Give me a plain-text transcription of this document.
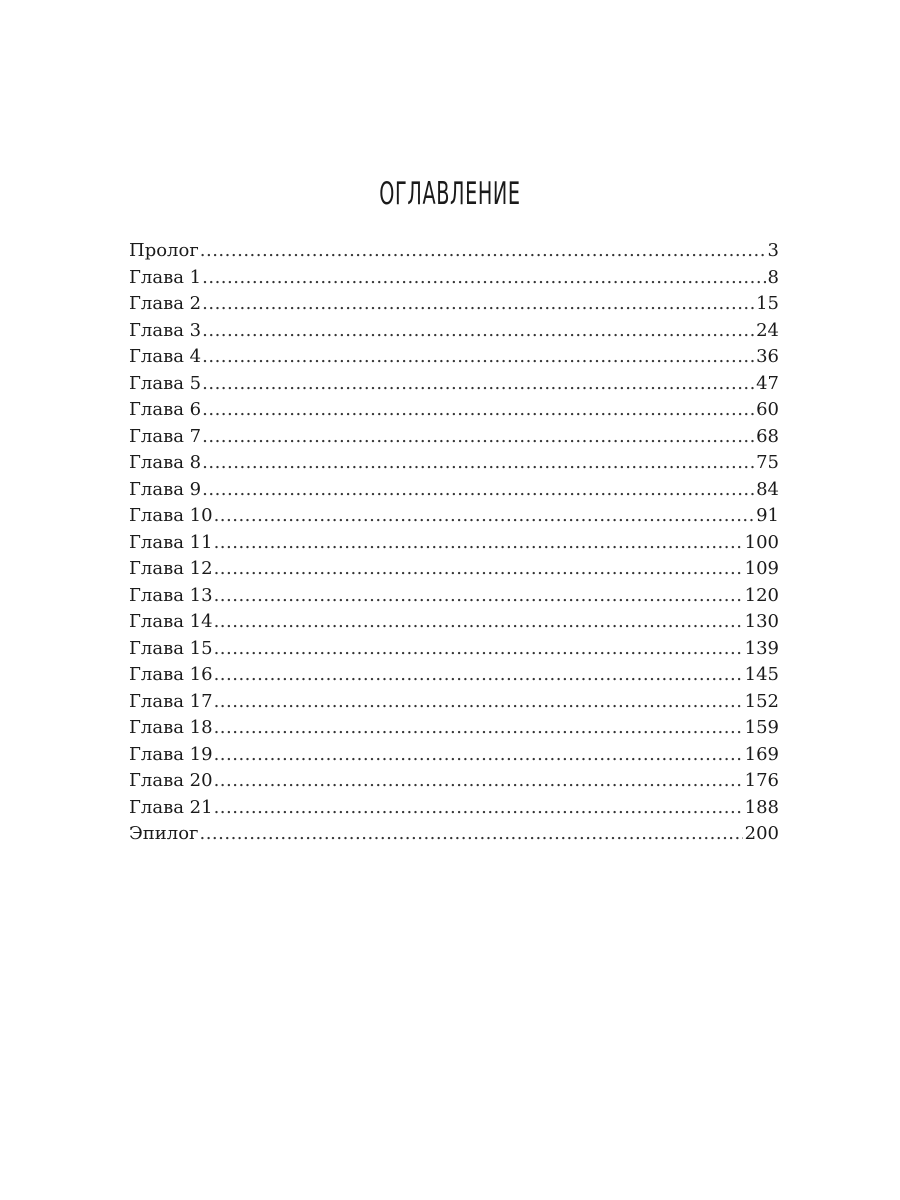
ОГЛАВЛЕНИЕ
Пролог .....	3
Глава 1 .....	8
Глава 2 .....	15
Глава 3 .....	24
Глава 4 .....	36
Глава 5 .....	47
Глава 6 .....	60
Глава 7 .....	68
Глава 8 .....	75
Глава 9 .....	84
Глава 10 .....	91
Глава 11 .....	100
Глава 12 .....	109
Глава 13 .....	120
Глава 14 .....	130
Глава 15 .....	139
Глава 16 .....	145
Глава 17 .....	152
Глава 18 .....	159
Глава 19 .....	169
Глава 20 .....	176
Глава 21 .....	188
Эпилог .....	200
